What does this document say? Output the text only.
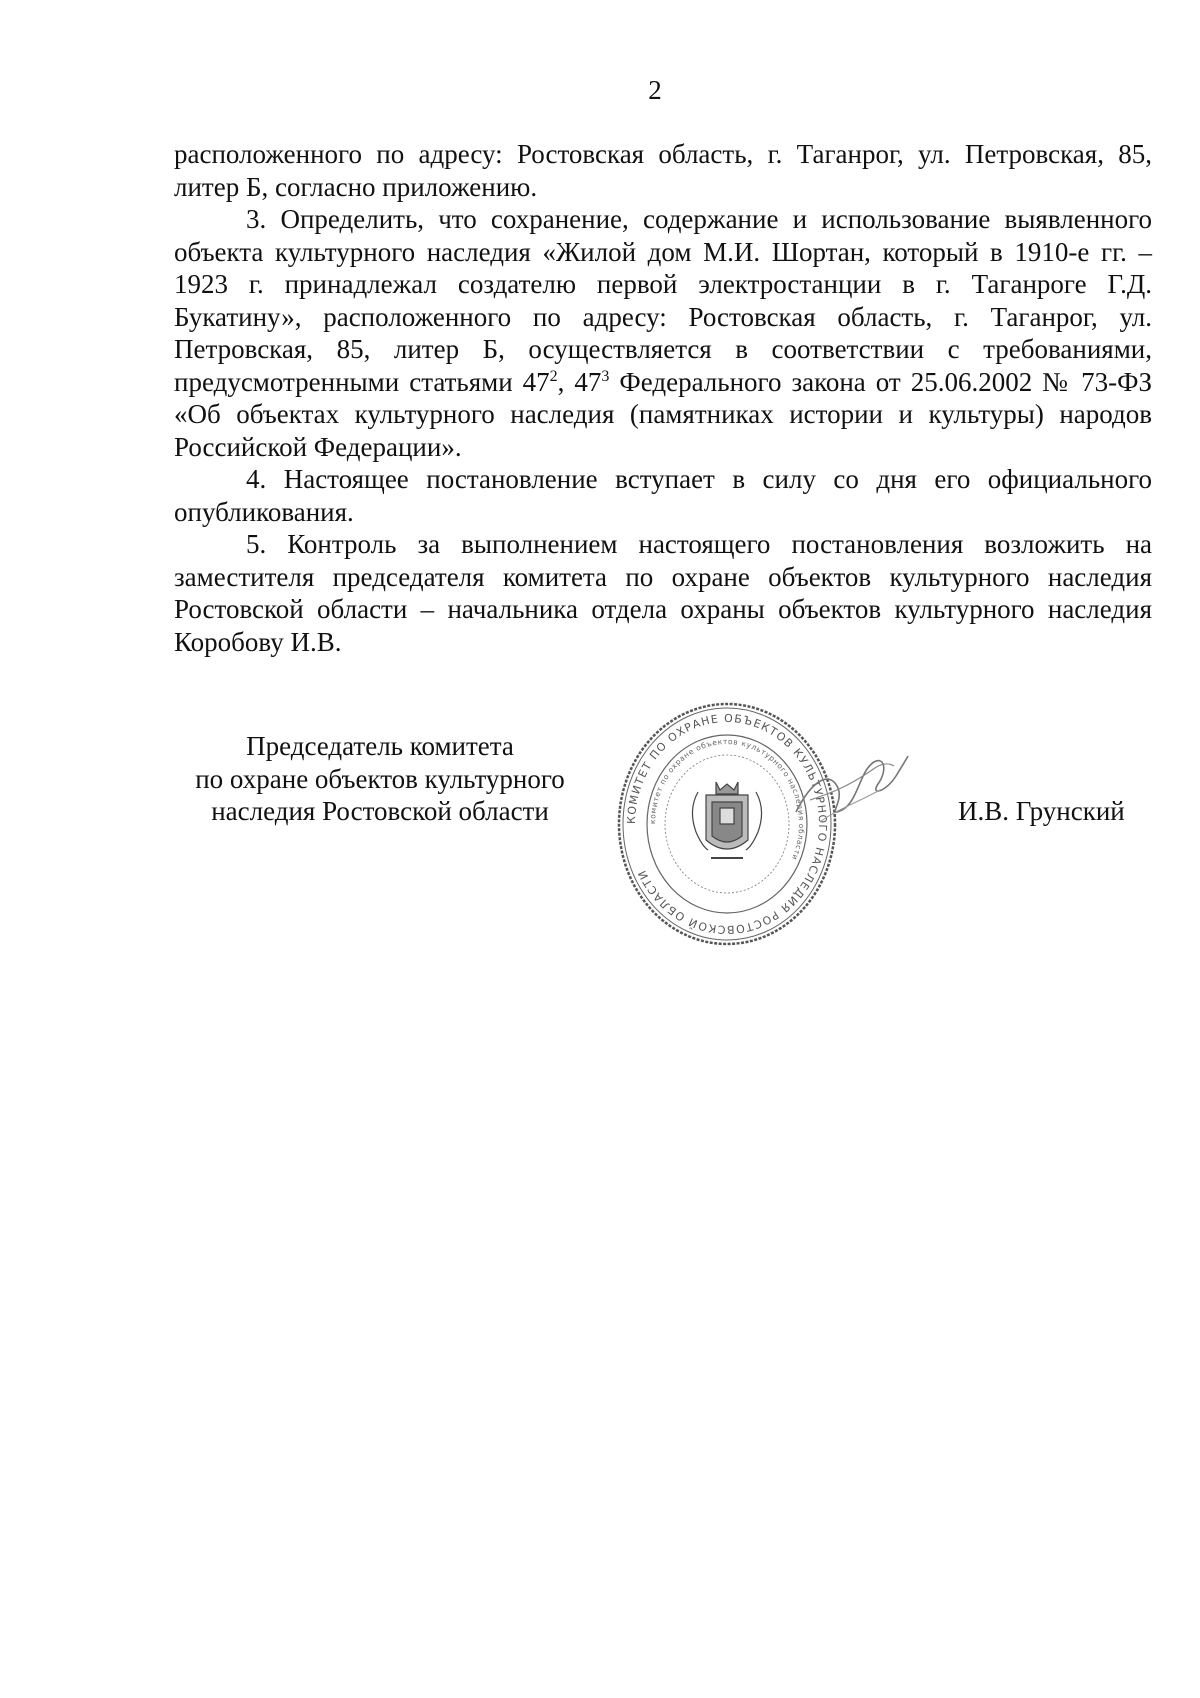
2

расположенного по адресу: Ростовская область, г. Таганрог, ул. Петровская, 85, литер Б, согласно приложению.

3. Определить, что сохранение, содержание и использование выявленного объекта культурного наследия «Жилой дом М.И. Шортан, который в 1910-е гг. – 1923 г. принадлежал создателю первой электростанции в г. Таганроге Г.Д. Букатину», расположенного по адресу: Ростовская область, г. Таганрог, ул. Петровская, 85, литер Б, осуществляется в соответствии с требованиями, предусмотренными статьями $47^2$, $47^3$ Федерального закона от 25.06.2002 № 73-ФЗ «Об объектах культурного наследия (памятниках истории и культуры) народов Российской Федерации».

4. Настоящее постановление вступает в силу со дня его официального опубликования.

5. Контроль за выполнением настоящего постановления возложить на заместителя председателя комитета по охране объектов культурного наследия Ростовской области – начальника отдела охраны объектов культурного наследия Коробову И.В.

Председатель комитета
по охране объектов культурного
наследия Ростовской области	КОМИТЕТ ПО ОХРАНЕ ОБЪЕКТОВ КУЛЬТУРНОГО НАСЛЕДИЯ РОСТОВСКОЙ ОБЛАСТИ
комитет по охране объектов культурного наследия области
И.В. Грунский
